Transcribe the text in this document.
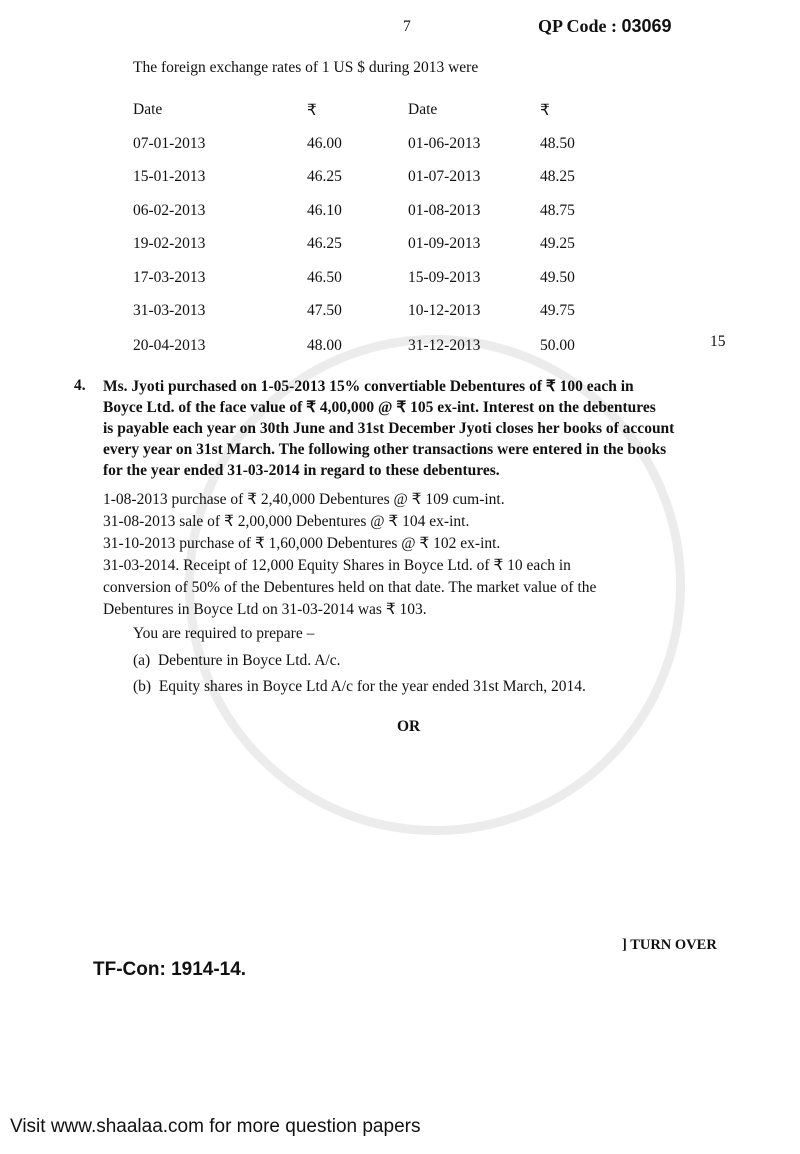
7	QP Code : 03069
The foreign exchange rates of 1 US $ during 2013 were
Date	₹	Date	₹
07-01-2013	46.00	01-06-2013	48.50
15-01-2013	46.25	01-07-2013	48.25
06-02-2013	46.10	01-08-2013	48.75
19-02-2013	46.25	01-09-2013	49.25
17-03-2013	46.50	15-09-2013	49.50
31-03-2013	47.50	10-12-2013	49.75
20-04-2013	48.00	31-12-2013	50.00	15
4. Ms. Jyoti purchased on 1-05-2013 15% convertiable Debentures of ₹ 100 each in
Boyce Ltd. of the face value of ₹ 4,00,000 @ ₹ 105 ex-int. Interest on the debentures
is payable each year on 30th June and 31st December Jyoti closes her books of account
every year on 31st March. The following other transactions were entered in the books
for the year ended 31-03-2014 in regard to these debentures.
1-08-2013 purchase of ₹ 2,40,000 Debentures @ ₹ 109 cum-int.
31-08-2013 sale of ₹ 2,00,000 Debentures @ ₹ 104 ex-int.
31-10-2013 purchase of ₹ 1,60,000 Debentures @ ₹ 102 ex-int.
31-03-2014. Receipt of 12,000 Equity Shares in Boyce Ltd. of ₹ 10 each in
conversion of 50% of the Debentures held on that date. The market value of the
Debentures in Boyce Ltd on 31-03-2014 was ₹ 103.
You are required to prepare –
(a)  Debenture in Boyce Ltd. A/c.
(b)  Equity shares in Boyce Ltd A/c for the year ended 31st March, 2014.
OR
] TURN OVER
TF-Con: 1914-14.
Visit www.shaalaa.com for more question papers
